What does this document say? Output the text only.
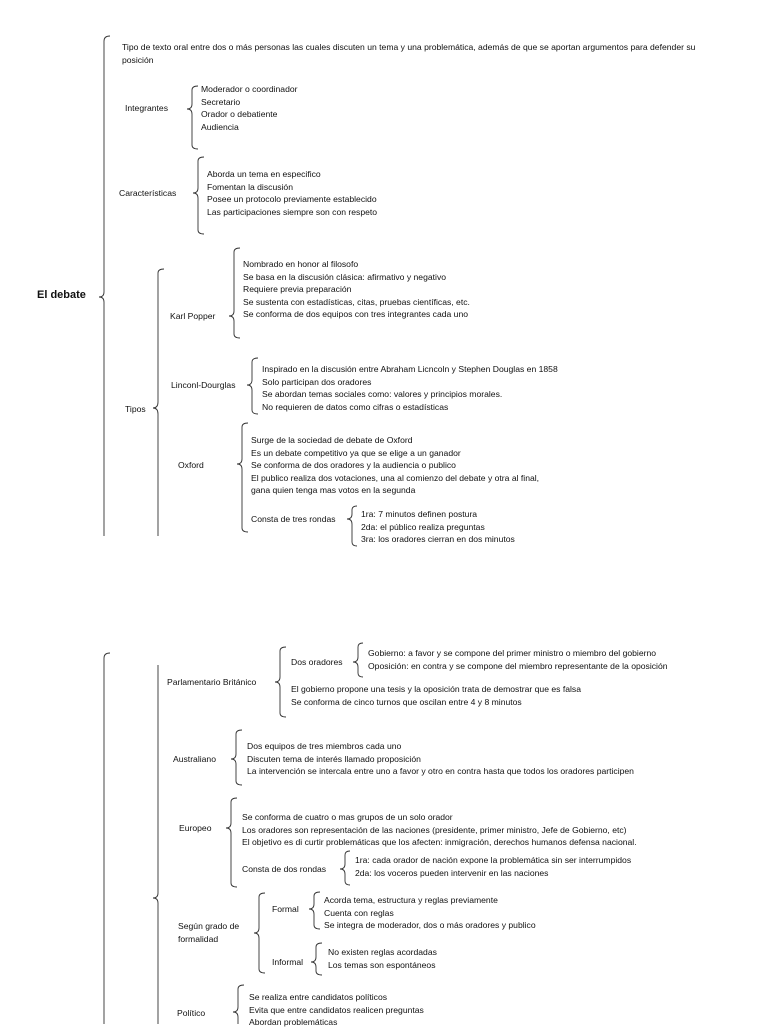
El debate

Tipo de texto oral entre dos o más personas las cuales discuten un tema y una problemática, además de que se aportan argumentos para defender su posición

Integrantes
Moderador o coordinador
Secretario
Orador o debatiente
Audiencia
Características
Aborda un tema en especifico
Fomentan la discusión
Posee un protocolo previamente establecido
Las participaciones siempre son con respeto
Tipos
Karl Popper
Nombrado en honor al filosofo
Se basa en la discusión clásica: afirmativo y negativo
Requiere previa preparación
Se sustenta con estadísticas, citas, pruebas científicas, etc.
Se conforma de dos equipos con tres integrantes cada uno
Linconl-Dourglas
Inspirado en la discusión entre Abraham Licncoln y Stephen Douglas en 1858
Solo participan dos oradores
Se abordan temas sociales como: valores y principios morales.
No requieren de datos como cifras o estadísticas
Oxford
Surge de la sociedad de debate de Oxford
Es un debate competitivo ya que se elige a un ganador
Se conforma de dos oradores y la audiencia o publico
El publico realiza dos votaciones, una al comienzo del debate y otra al final,
gana quien tenga mas votos en la segunda
Consta de tres rondas	1ra: 7 minutos definen postura
2da: el público realiza preguntas
3ra: los oradores cierran en dos minutos
Parlamentario Británico
Dos oradores
Gobierno: a favor y se compone del primer ministro o miembro del gobierno
Oposición: en contra y se compone del miembro representante de la oposición
El gobierno propone una tesis y la oposición trata de demostrar que es falsa
Se conforma de cinco turnos que oscilan entre 4 y 8 minutos
Australiano
Dos equipos de tres miembros cada uno
Discuten tema de interés llamado proposición
La intervención se intercala entre uno a favor y otro en contra hasta que todos los oradores participen
Europeo
Se conforma de cuatro o mas grupos de un solo orador
Los oradores son representación de las naciones (presidente, primer ministro, Jefe de Gobierno, etc)
El objetivo es di curtir problemáticas que los afecten: inmigración, derechos humanos defensa nacional.
Consta de dos rondas
1ra: cada orador de nación expone la problemática sin ser interrumpidos
2da: los voceros pueden intervenir en las naciones
Según grado de
formalidad
Formal
Acorda tema, estructura y reglas previamente
Cuenta con reglas
Se integra de moderador, dos o más oradores y publico
Informal
No existen reglas acordadas
Los temas son espontáneos
Político
Se realiza entre candidatos políticos
Evita que entre candidatos realicen preguntas
Abordan problemáticas
